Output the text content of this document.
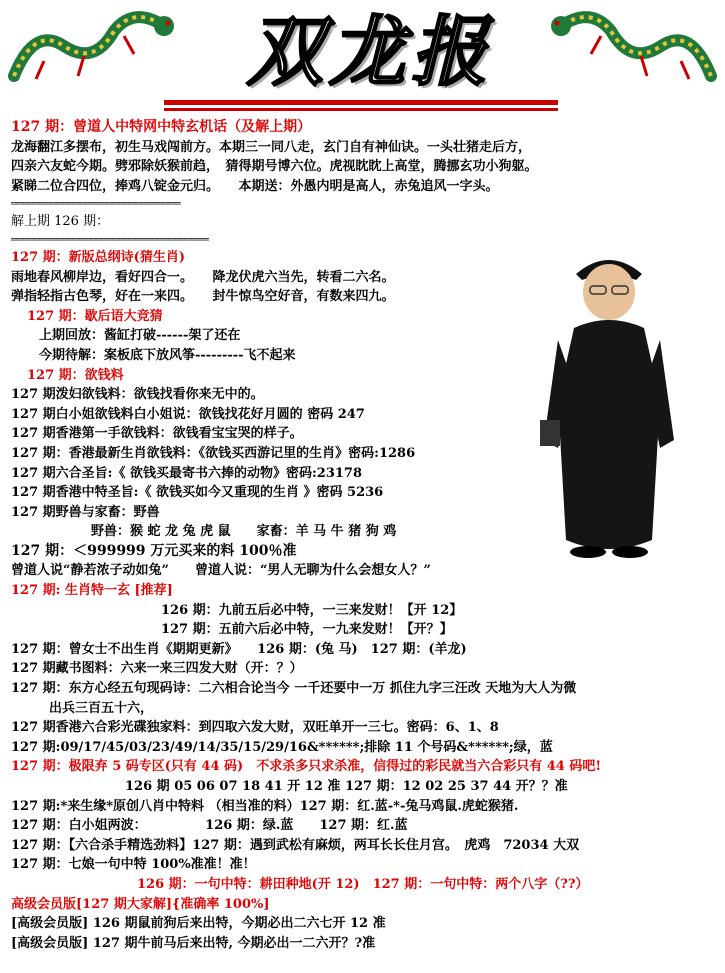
双龙报
127 期：曾道人中特网中特玄机话（及解上期）
龙海翻江多摆布，初生马戏闯前方。本期三一同八走，玄门自有神仙诀。一头壮猪走后方，
四亲六友蛇今期。劈邪除妖猴前趋，　猜得期号博六位。虎视眈眈上高堂，腾挪玄功小狗躯。
紧睇二位合四位，捧鸡八锭金元归。　　本期送：外愚内明是高人，赤兔追风一字头。
══════════════════════════════
解上期 126 期：
═══════════════════════════════════
127 期：新版总纲诗(猜生肖)
雨地春风柳岸边，看好四合一。　　降龙伏虎六当先，转看二六名。
弹指轻指古色琴，好在一来四。　　封牛惊鸟空好音，有数来四九。
127 期：歇后语大竞猜
上期回放：酱缸打破------架了还在
今期待解：案板底下放风筝---------飞不起来
127 期：欲钱料
127 期泼妇欲钱料：欲钱找看你来无中的。
127 期白小姐欲钱料白小姐说：欲钱找花好月圆的 密码 247
127 期香港第一手欲钱料：欲钱看宝宝哭的样子。
127 期：香港最新生肖欲钱料：《欲钱买西游记里的生肖》密码:1286
127 期六合圣旨:《 欲钱买最寄书六捧的动物》密码:23178
127 期香港中特圣旨:《 欲钱买如今又重现的生肖 》密码 5236
127 期野兽与家畜：野兽
野兽：猴 蛇 龙 兔 虎 鼠　　家畜：羊 马 牛 猪 狗 鸡
127 期：＜999999 万元买来的料 100％准
曾道人说“静若浓子动如兔”　　曾道人说：“男人无聊为什么会想女人？”
127 期: 生肖特一玄 [推荐]
126 期：九前五后必中特，一三来发财！【开 12】
127 期：五前六后必中特，一九来发财！【开？】
127 期：曾女士不出生肖《期期更新》　　126 期：(兔 马)　127 期：(羊龙)
127 期藏书图料：六来一来三四发大财（开：？）
127 期：东方心经五句现码诗：二六相合论当今 一千还要中一万 抓住九字三汪改 天地为大人为微
出兵三百五十六，
127 期香港六合彩光碟独家料：到四取六发大财，双旺单开一三七。密码：6、1、8
127 期:09/17/45/03/23/49/14/35/15/29/16&******;排除 11 个号码&******;绿，蓝
127 期：极限弃 5 码专区(只有 44 码)　不求杀多只求杀准，信得过的彩民就当六合彩只有 44 码吧!
126 期 05 06 07 18 41 开 12 准 127 期：12 02 25 37 44 开？？准
127 期:*来生缘*原创八肖中特料 （相当准的料）127 期：红.蓝-*-兔马鸡鼠.虎蛇猴猪.
127 期：白小姐两波：　　　　　126 期：绿.蓝　　127 期：红.蓝
127 期：【六合杀手精选劲料】127 期：遇到武松有麻烦，两耳长长住月宫。　虎鸡　72034 大双
127 期：七娘一句中特 100%准准！准！
126 期：一句中特：耕田种地(开 12)　127 期：一句中特：两个八字（??）
高级会员版[127 期大家解]{准确率 100%]
[高级会员版] 126 期鼠前狗后来出特，今期必出二六七开 12 准
[高级会员版] 127 期牛前马后来出特, 今期必出一二六开？?准
